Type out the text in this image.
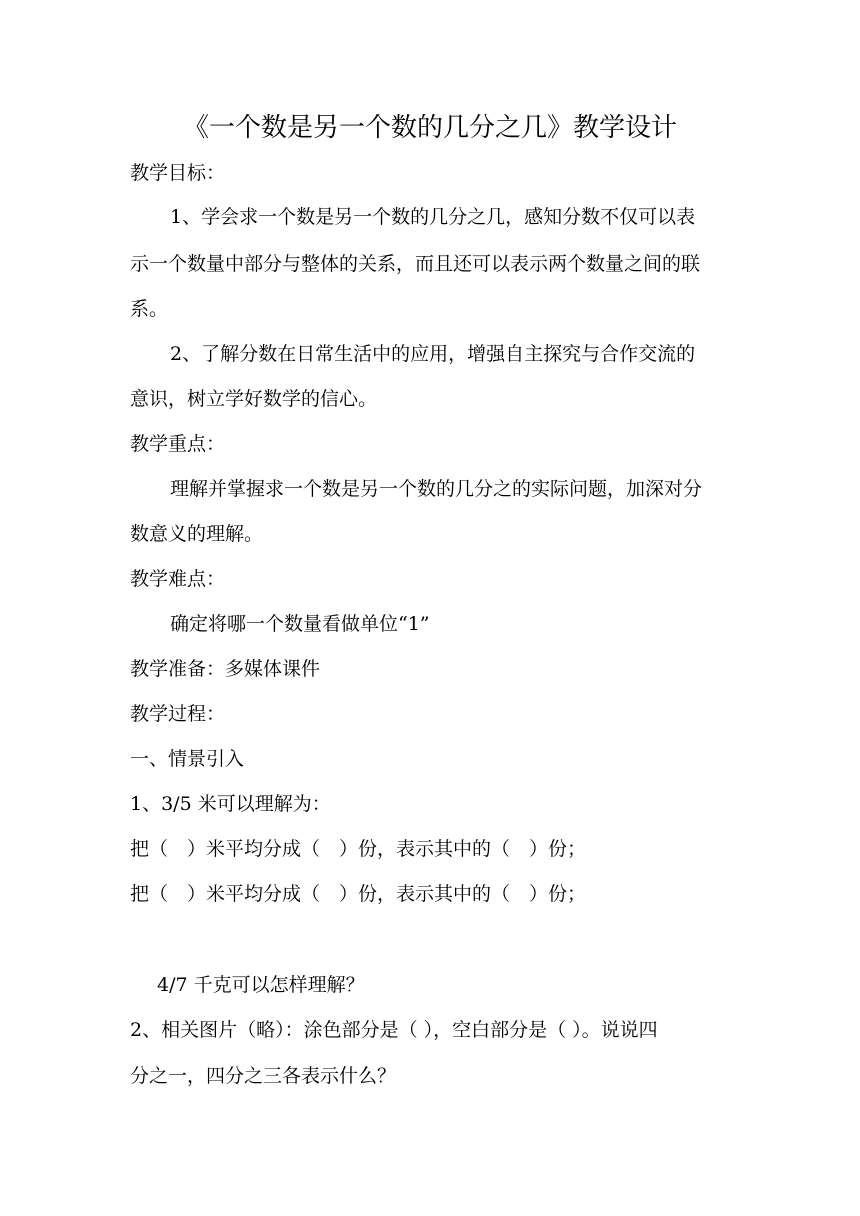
《一个数是另一个数的几分之几》教学设计
教学目标：
1、学会求一个数是另一个数的几分之几，感知分数不仅可以表
示一个数量中部分与整体的关系，而且还可以表示两个数量之间的联
系。
2、了解分数在日常生活中的应用，增强自主探究与合作交流的
意识，树立学好数学的信心。
教学重点：
理解并掌握求一个数是另一个数的几分之的实际问题，加深对分
数意义的理解。
教学难点：
确定将哪一个数量看做单位“1”
教学准备：多媒体课件
教学过程：
一、情景引入
1、3/5 米可以理解为：
把（　）米平均分成（　）份，表示其中的（　）份；
把（　）米平均分成（　）份，表示其中的（　）份；
4/7 千克可以怎样理解？
2、相关图片（略）：涂色部分是（ ），空白部分是（ ）。说说四
分之一，四分之三各表示什么？
